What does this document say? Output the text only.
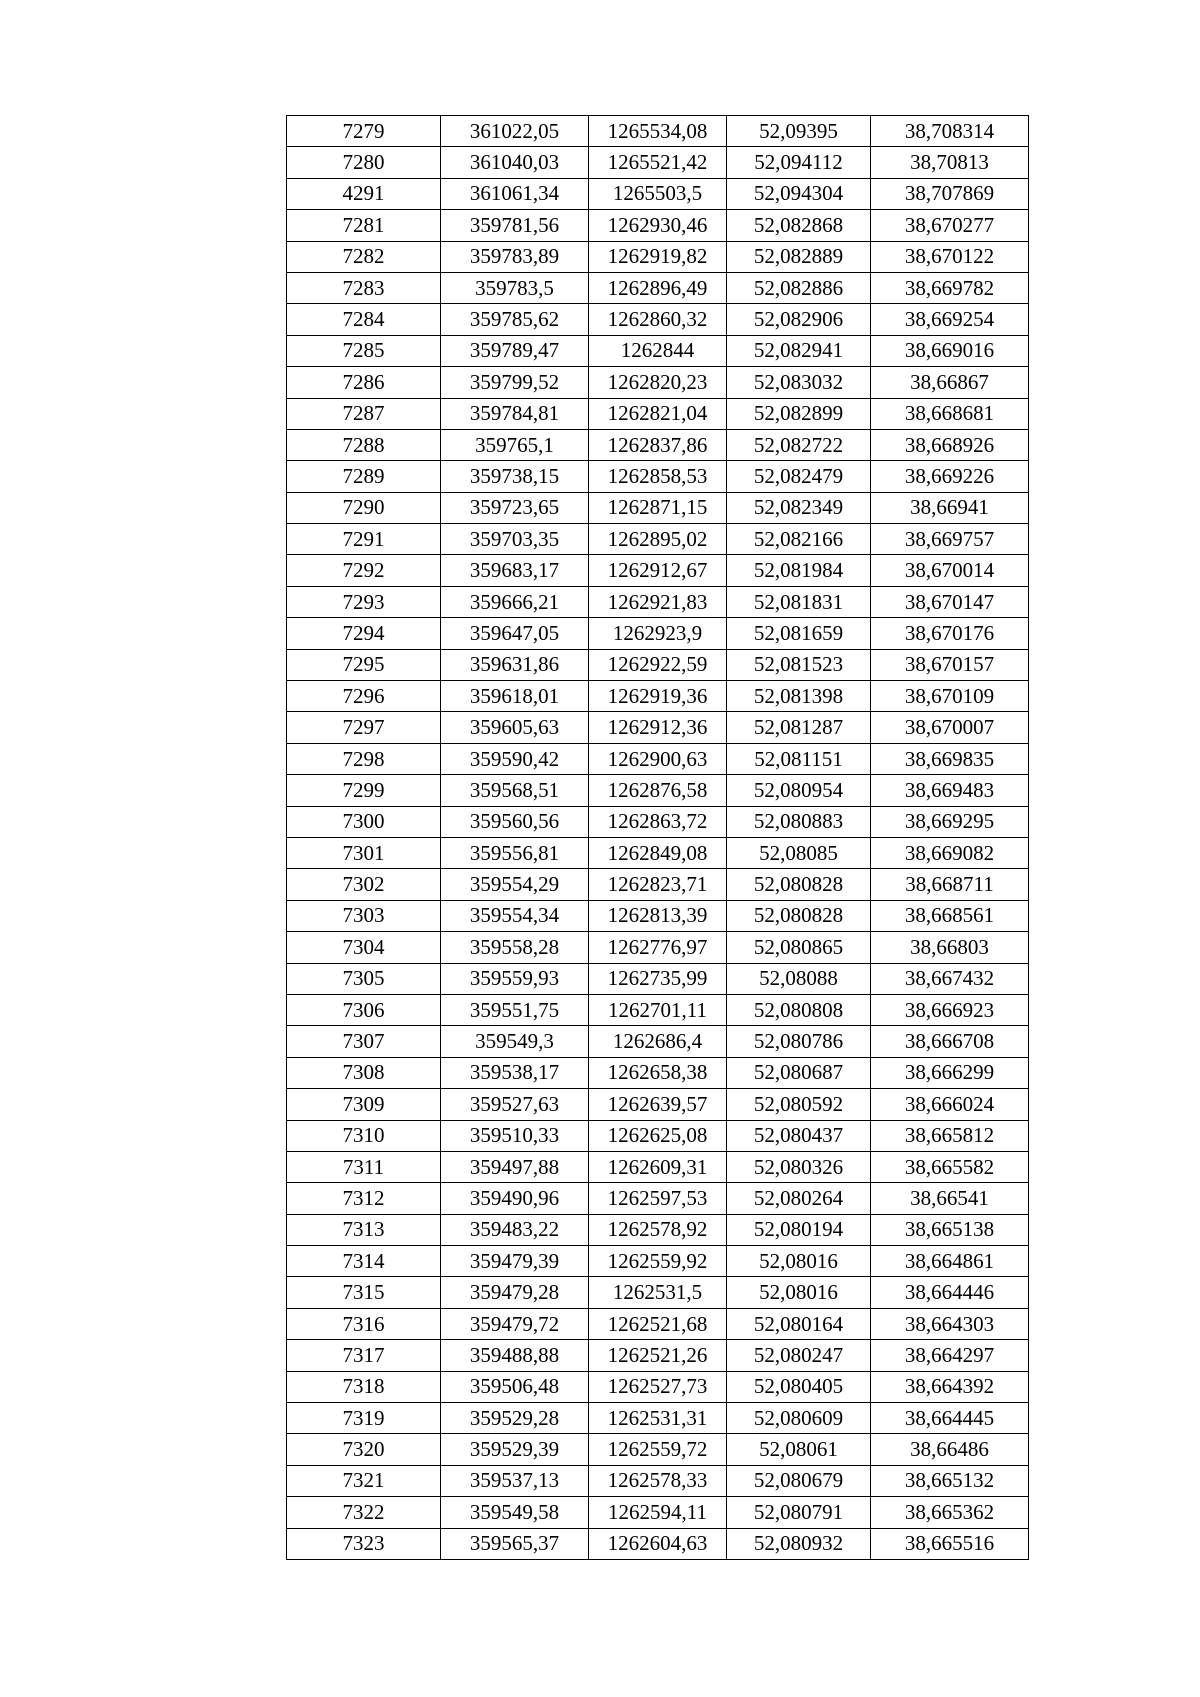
7279	361022,05	1265534,08	52,09395	38,708314
7280	361040,03	1265521,42	52,094112	38,70813
4291	361061,34	1265503,5	52,094304	38,707869
7281	359781,56	1262930,46	52,082868	38,670277
7282	359783,89	1262919,82	52,082889	38,670122
7283	359783,5	1262896,49	52,082886	38,669782
7284	359785,62	1262860,32	52,082906	38,669254
7285	359789,47	1262844	52,082941	38,669016
7286	359799,52	1262820,23	52,083032	38,66867
7287	359784,81	1262821,04	52,082899	38,668681
7288	359765,1	1262837,86	52,082722	38,668926
7289	359738,15	1262858,53	52,082479	38,669226
7290	359723,65	1262871,15	52,082349	38,66941
7291	359703,35	1262895,02	52,082166	38,669757
7292	359683,17	1262912,67	52,081984	38,670014
7293	359666,21	1262921,83	52,081831	38,670147
7294	359647,05	1262923,9	52,081659	38,670176
7295	359631,86	1262922,59	52,081523	38,670157
7296	359618,01	1262919,36	52,081398	38,670109
7297	359605,63	1262912,36	52,081287	38,670007
7298	359590,42	1262900,63	52,081151	38,669835
7299	359568,51	1262876,58	52,080954	38,669483
7300	359560,56	1262863,72	52,080883	38,669295
7301	359556,81	1262849,08	52,08085	38,669082
7302	359554,29	1262823,71	52,080828	38,668711
7303	359554,34	1262813,39	52,080828	38,668561
7304	359558,28	1262776,97	52,080865	38,66803
7305	359559,93	1262735,99	52,08088	38,667432
7306	359551,75	1262701,11	52,080808	38,666923
7307	359549,3	1262686,4	52,080786	38,666708
7308	359538,17	1262658,38	52,080687	38,666299
7309	359527,63	1262639,57	52,080592	38,666024
7310	359510,33	1262625,08	52,080437	38,665812
7311	359497,88	1262609,31	52,080326	38,665582
7312	359490,96	1262597,53	52,080264	38,66541
7313	359483,22	1262578,92	52,080194	38,665138
7314	359479,39	1262559,92	52,08016	38,664861
7315	359479,28	1262531,5	52,08016	38,664446
7316	359479,72	1262521,68	52,080164	38,664303
7317	359488,88	1262521,26	52,080247	38,664297
7318	359506,48	1262527,73	52,080405	38,664392
7319	359529,28	1262531,31	52,080609	38,664445
7320	359529,39	1262559,72	52,08061	38,66486
7321	359537,13	1262578,33	52,080679	38,665132
7322	359549,58	1262594,11	52,080791	38,665362
7323	359565,37	1262604,63	52,080932	38,665516
